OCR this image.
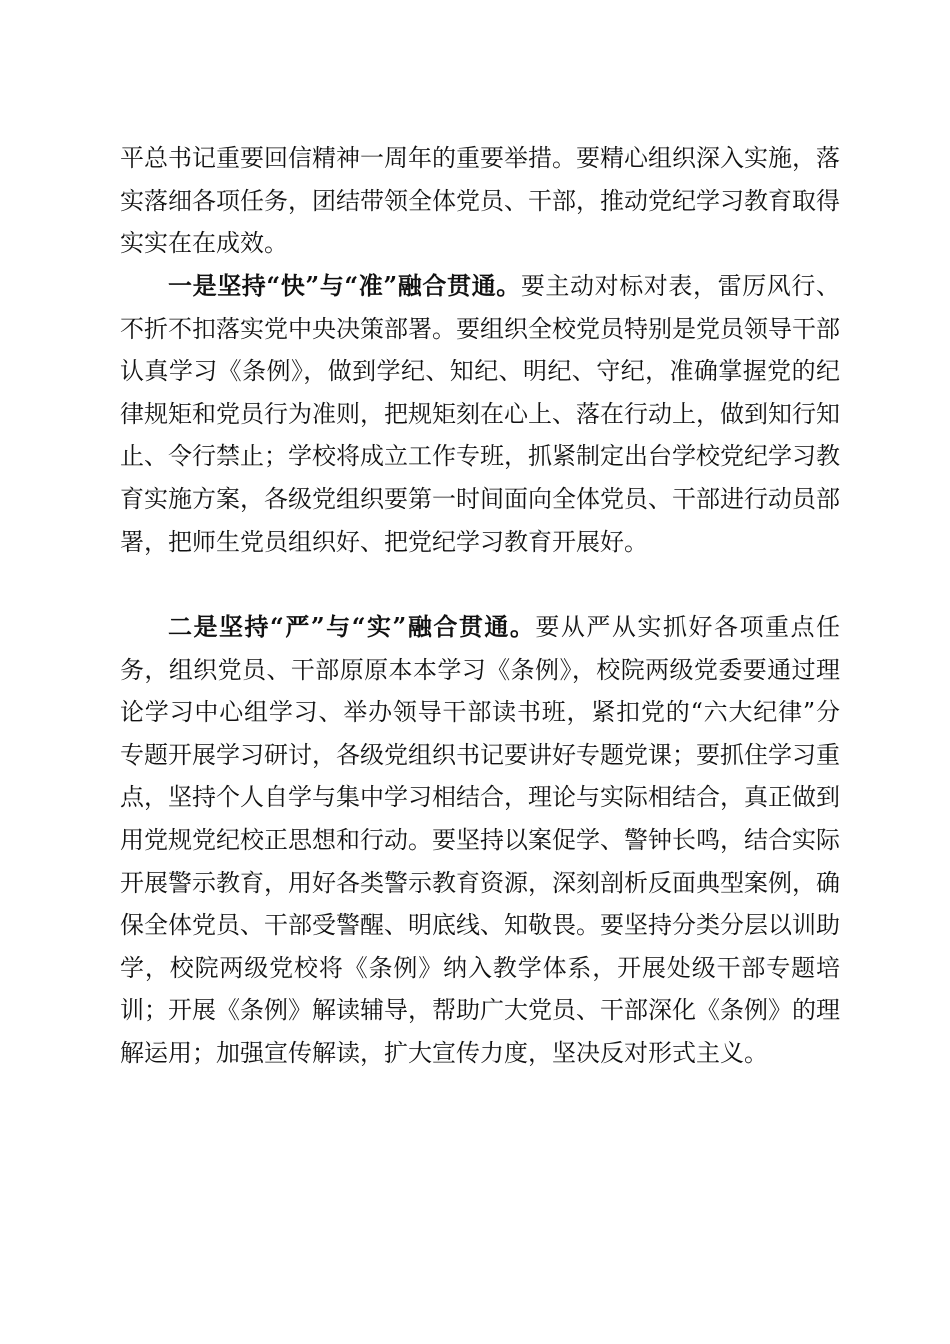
平总书记重要回信精神一周年的重要举措。要精心组织深入实施，落实落细各项任务，团结带领全体党员、干部，推动党纪学习教育取得实实在在成效。

一是坚持“快”与“准”融合贯通。要主动对标对表，雷厉风行、不折不扣落实党中央决策部署。要组织全校党员特别是党员领导干部认真学习《条例》，做到学纪、知纪、明纪、守纪，准确掌握党的纪律规矩和党员行为准则，把规矩刻在心上、落在行动上，做到知行知止、令行禁止；学校将成立工作专班，抓紧制定出台学校党纪学习教育实施方案，各级党组织要第一时间面向全体党员、干部进行动员部署，把师生党员组织好、把党纪学习教育开展好。

二是坚持“严”与“实”融合贯通。要从严从实抓好各项重点任务，组织党员、干部原原本本学习《条例》，校院两级党委要通过理论学习中心组学习、举办领导干部读书班，紧扣党的“六大纪律”分专题开展学习研讨，各级党组织书记要讲好专题党课；要抓住学习重点，坚持个人自学与集中学习相结合，理论与实际相结合，真正做到用党规党纪校正思想和行动。要坚持以案促学、警钟长鸣，结合实际开展警示教育，用好各类警示教育资源，深刻剖析反面典型案例，确保全体党员、干部受警醒、明底线、知敬畏。要坚持分类分层以训助学，校院两级党校将《条例》纳入教学体系，开展处级干部专题培训；开展《条例》解读辅导，帮助广大党员、干部深化《条例》的理解运用；加强宣传解读，扩大宣传力度，坚决反对形式主义。
